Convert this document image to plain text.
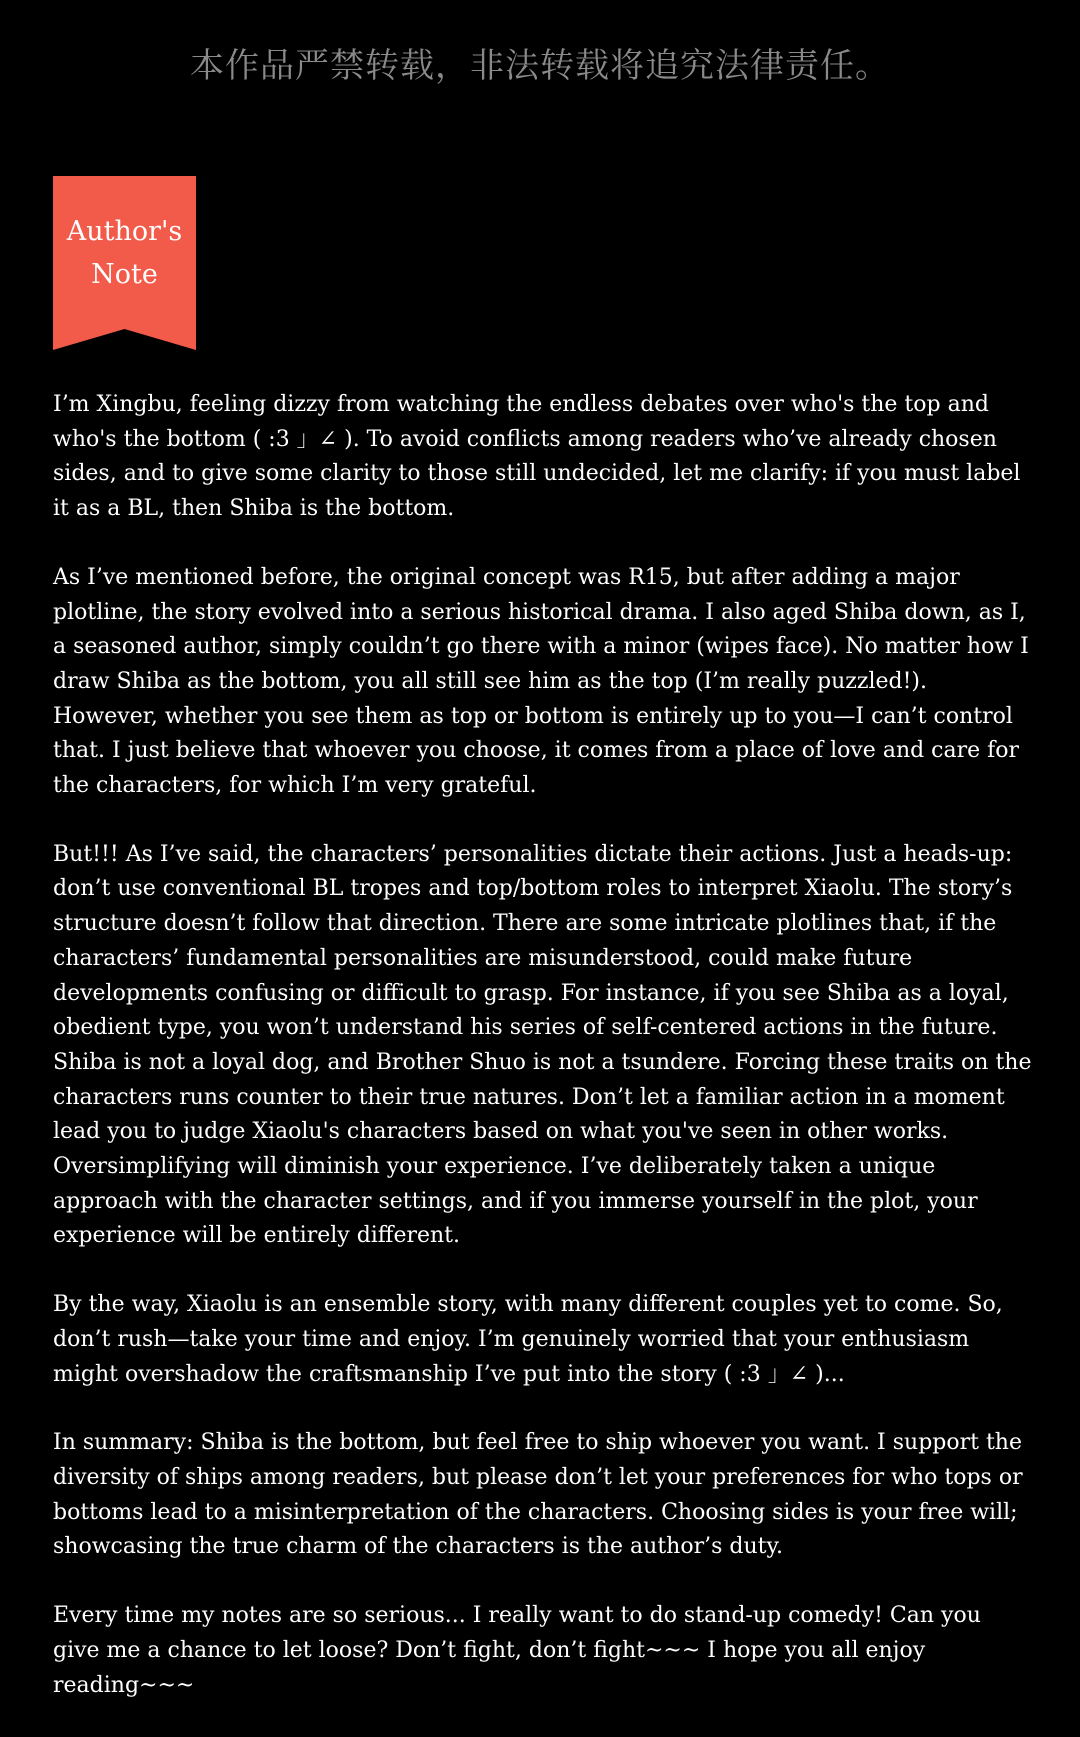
本作品严禁转载，非法转载将追究法律责任。
Author's
Note

I’m Xingbu, feeling dizzy from watching the endless debates over who's the top and who's the bottom ( :3 」∠ ). To avoid conflicts among readers who’ve already chosen sides, and to give some clarity to those still undecided, let me clarify: if you must label it as a BL, then Shiba is the bottom.

As I’ve mentioned before, the original concept was R15, but after adding a major plotline, the story evolved into a serious historical drama. I also aged Shiba down, as I, a seasoned author, simply couldn’t go there with a minor (wipes face). No matter how I draw Shiba as the bottom, you all still see him as the top (I’m really puzzled!). However, whether you see them as top or bottom is entirely up to you—I can’t control that. I just believe that whoever you choose, it comes from a place of love and care for the characters, for which I’m very grateful.

But!!! As I’ve said, the characters’ personalities dictate their actions. Just a heads-up: don’t use conventional BL tropes and top/bottom roles to interpret Xiaolu. The story’s structure doesn’t follow that direction. There are some intricate plotlines that, if the characters’ fundamental personalities are misunderstood, could make future developments confusing or difficult to grasp. For instance, if you see Shiba as a loyal, obedient type, you won’t understand his series of self-centered actions in the future. Shiba is not a loyal dog, and Brother Shuo is not a tsundere. Forcing these traits on the characters runs counter to their true natures. Don’t let a familiar action in a moment lead you to judge Xiaolu's characters based on what you've seen in other works. Oversimplifying will diminish your experience. I’ve deliberately taken a unique approach with the character settings, and if you immerse yourself in the plot, your experience will be entirely different.

By the way, Xiaolu is an ensemble story, with many different couples yet to come. So, don’t rush—take your time and enjoy. I’m genuinely worried that your enthusiasm might overshadow the craftsmanship I’ve put into the story ( :3 」∠ )...

In summary: Shiba is the bottom, but feel free to ship whoever you want. I support the diversity of ships among readers, but please don’t let your preferences for who tops or bottoms lead to a misinterpretation of the characters. Choosing sides is your free will; showcasing the true charm of the characters is the author’s duty.

Every time my notes are so serious... I really want to do stand-up comedy! Can you give me a chance to let loose? Don’t fight, don’t fight~~~ I hope you all enjoy reading~~~
